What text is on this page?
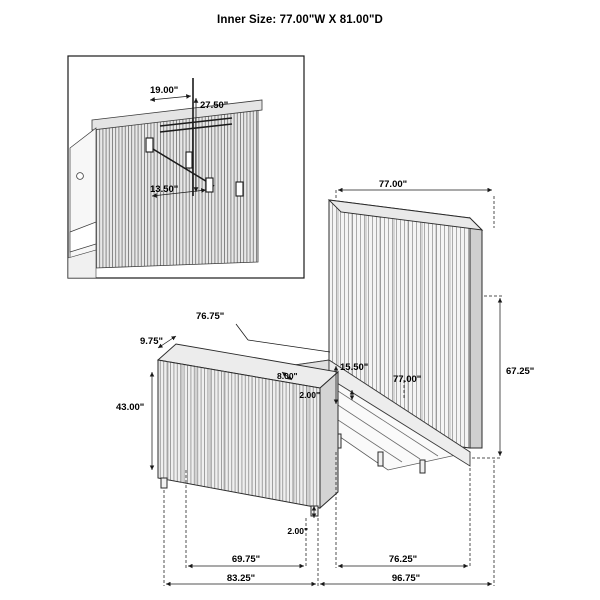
Inner Size: 77.00"W X 81.00"D
19.00"
27.50"
13.50"	77.00"
67.25"
76.75"
9.75"
43.00"
15.50"
77.00"
8.00"
2.00"
2.00"
69.75"
83.25"
76.25"
96.75"
